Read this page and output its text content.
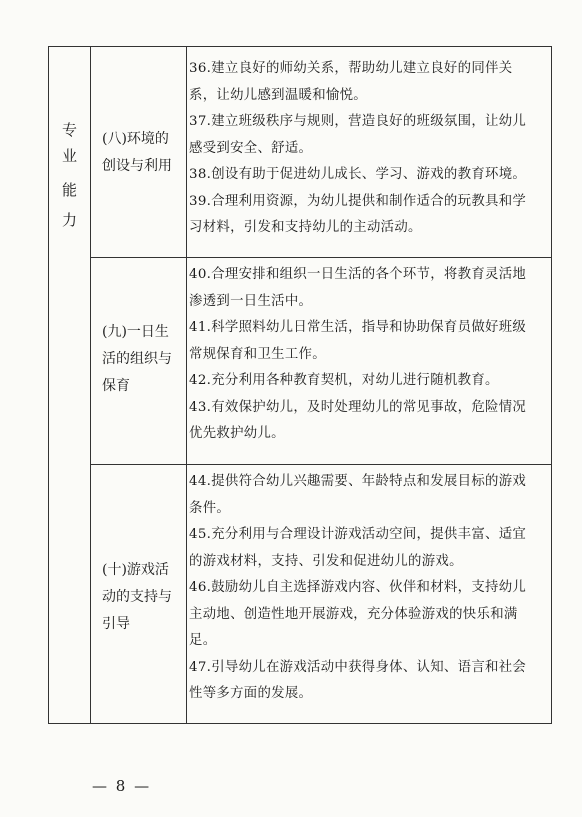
专
业
能
力
(八)环境的
创设与利用
36.建立良好的师幼关系，帮助幼儿建立良好的同伴关
系，让幼儿感到温暖和愉悦。
37.建立班级秩序与规则，营造良好的班级氛围，让幼儿
感受到安全、舒适。
38.创设有助于促进幼儿成长、学习、游戏的教育环境。
39.合理利用资源，为幼儿提供和制作适合的玩教具和学
习材料，引发和支持幼儿的主动活动。
(九)一日生
活的组织与
保育
40.合理安排和组织一日生活的各个环节，将教育灵活地
渗透到一日生活中。
41.科学照料幼儿日常生活，指导和协助保育员做好班级
常规保育和卫生工作。
42.充分利用各种教育契机，对幼儿进行随机教育。
43.有效保护幼儿，及时处理幼儿的常见事故，危险情况
优先救护幼儿。
(十)游戏活
动的支持与
引导
44.提供符合幼儿兴趣需要、年龄特点和发展目标的游戏
条件。
45.充分利用与合理设计游戏活动空间，提供丰富、适宜
的游戏材料，支持、引发和促进幼儿的游戏。
46.鼓励幼儿自主选择游戏内容、伙伴和材料，支持幼儿
主动地、创造性地开展游戏，充分体验游戏的快乐和满
足。
47.引导幼儿在游戏活动中获得身体、认知、语言和社会
性等多方面的发展。
— 8 —
